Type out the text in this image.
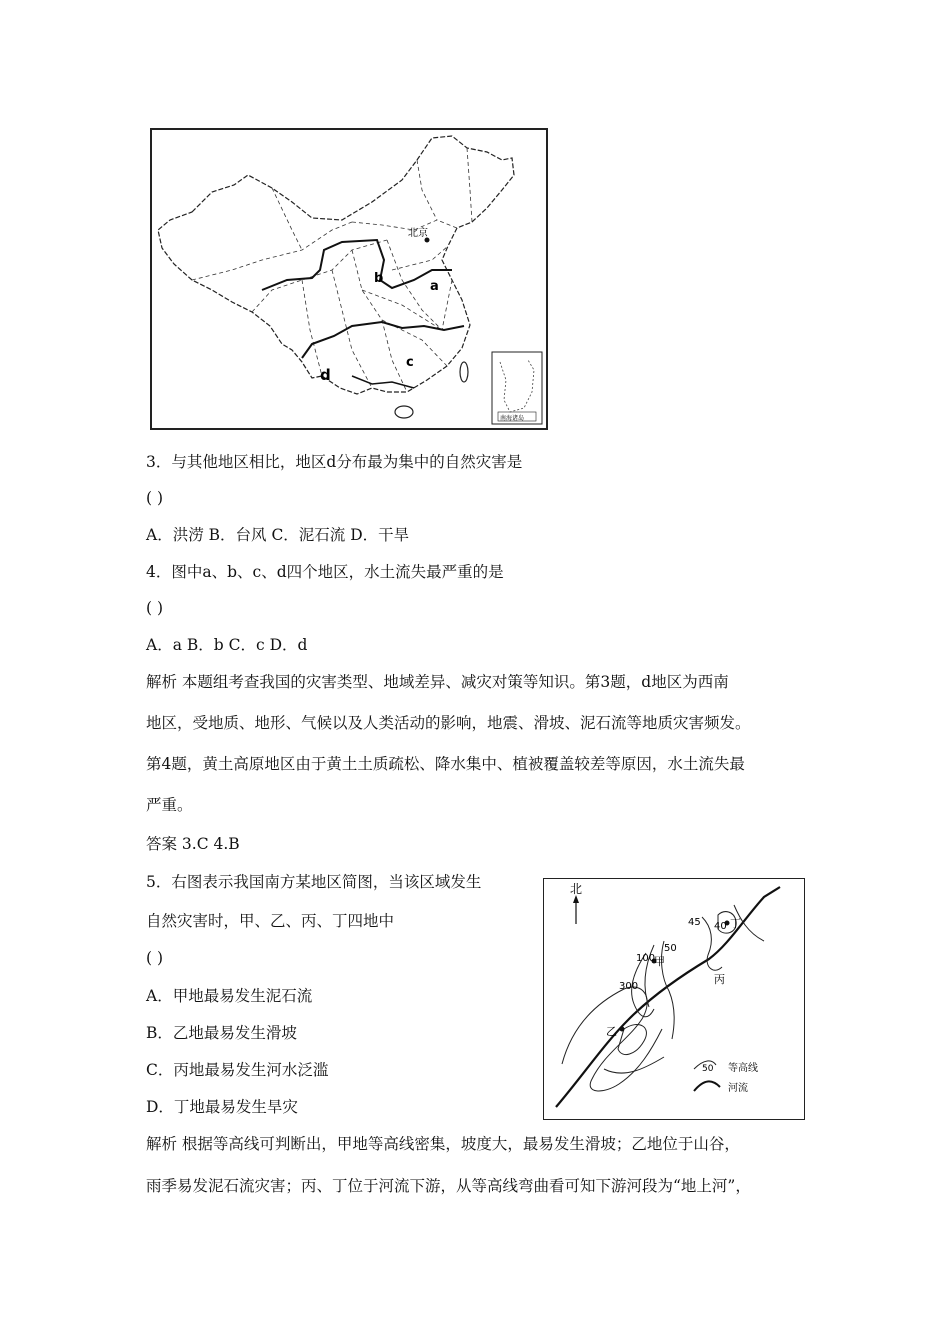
北京
a
b
c
d
南海诸岛
3．与其他地区相比，地区d分布最为集中的自然灾害是
( )
A．洪涝 B．台风 C．泥石流 D．干旱
4．图中a、b、c、d四个地区，水土流失最严重的是
( )
A．a B．b C．c D．d
解析 本题组考查我国的灾害类型、地域差异、减灾对策等知识。第3题，d地区为西南
地区，受地质、地形、气候以及人类活动的影响，地震、滑坡、泥石流等地质灾害频发。
第4题，黄土高原地区由于黄土土质疏松、降水集中、植被覆盖较差等原因，水土流失最
严重。
答案 3.C 4.B
5．右图表示我国南方某地区简图，当该区域发生
自然灾害时，甲、乙、丙、丁四地中
( )
A．甲地最易发生泥石流
B．乙地最易发生滑坡
C．丙地最易发生河水泛滥
D．丁地最易发生旱灾
北
45 40
50
100
300
甲
乙
丙
丁
50 等高线
河流
解析 根据等高线可判断出，甲地等高线密集，坡度大，最易发生滑坡；乙地位于山谷，
雨季易发泥石流灾害；丙、丁位于河流下游，从等高线弯曲看可知下游河段为“地上河”，
